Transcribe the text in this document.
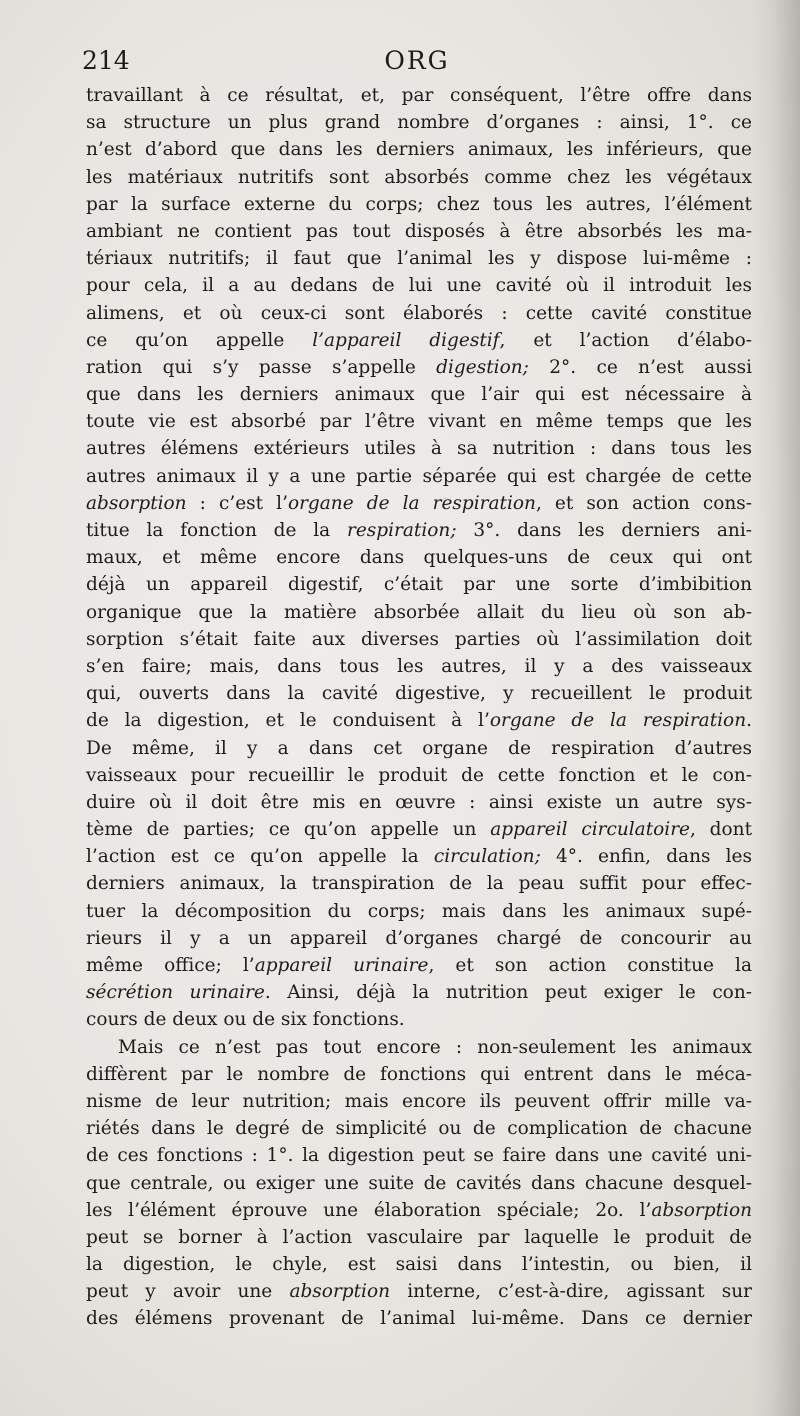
214	ORG
travaillant à ce résultat, et, par conséquent, l’être offre dans
sa structure un plus grand nombre d’organes : ainsi, 1°. ce
n’est d’abord que dans les derniers animaux, les inférieurs, que
les matériaux nutritifs sont absorbés comme chez les végétaux
par la surface externe du corps; chez tous les autres, l’élément
ambiant ne contient pas tout disposés à être absorbés les ma-
tériaux nutritifs; il faut que l’animal les y dispose lui-même :
pour cela, il a au dedans de lui une cavité où il introduit les
alimens, et où ceux-ci sont élaborés : cette cavité constitue
ce qu’on appelle l’appareil digestif, et l’action d’élabo-
ration qui s’y passe s’appelle digestion; 2°. ce n’est aussi
que dans les derniers animaux que l’air qui est nécessaire à
toute vie est absorbé par l’être vivant en même temps que les
autres élémens extérieurs utiles à sa nutrition : dans tous les
autres animaux il y a une partie séparée qui est chargée de cette
absorption : c’est l’organe de la respiration, et son action cons-
titue la fonction de la respiration; 3°. dans les derniers ani-
maux, et même encore dans quelques-uns de ceux qui ont
déjà un appareil digestif, c’était par une sorte d’imbibition
organique que la matière absorbée allait du lieu où son ab-
sorption s’était faite aux diverses parties où l’assimilation doit
s’en faire; mais, dans tous les autres, il y a des vaisseaux
qui, ouverts dans la cavité digestive, y recueillent le produit
de la digestion, et le conduisent à l’organe de la respiration.
De même, il y a dans cet organe de respiration d’autres
vaisseaux pour recueillir le produit de cette fonction et le con-
duire où il doit être mis en œuvre : ainsi existe un autre sys-
tème de parties; ce qu’on appelle un appareil circulatoire, dont
l’action est ce qu’on appelle la circulation; 4°. enfin, dans les
derniers animaux, la transpiration de la peau suffit pour effec-
tuer la décomposition du corps; mais dans les animaux supé-
rieurs il y a un appareil d’organes chargé de concourir au
même office; l’appareil urinaire, et son action constitue la
sécrétion urinaire. Ainsi, déjà la nutrition peut exiger le con-
cours de deux ou de six fonctions.
Mais ce n’est pas tout encore : non-seulement les animaux
diffèrent par le nombre de fonctions qui entrent dans le méca-
nisme de leur nutrition; mais encore ils peuvent offrir mille va-
riétés dans le degré de simplicité ou de complication de chacune
de ces fonctions : 1°. la digestion peut se faire dans une cavité uni-
que centrale, ou exiger une suite de cavités dans chacune desquel-
les l’élément éprouve une élaboration spéciale; 2o. l’absorption
peut se borner à l’action vasculaire par laquelle le produit de
la digestion, le chyle, est saisi dans l’intestin, ou bien, il
peut y avoir une absorption interne, c’est-à-dire, agissant sur
des élémens provenant de l’animal lui-même. Dans ce dernier
